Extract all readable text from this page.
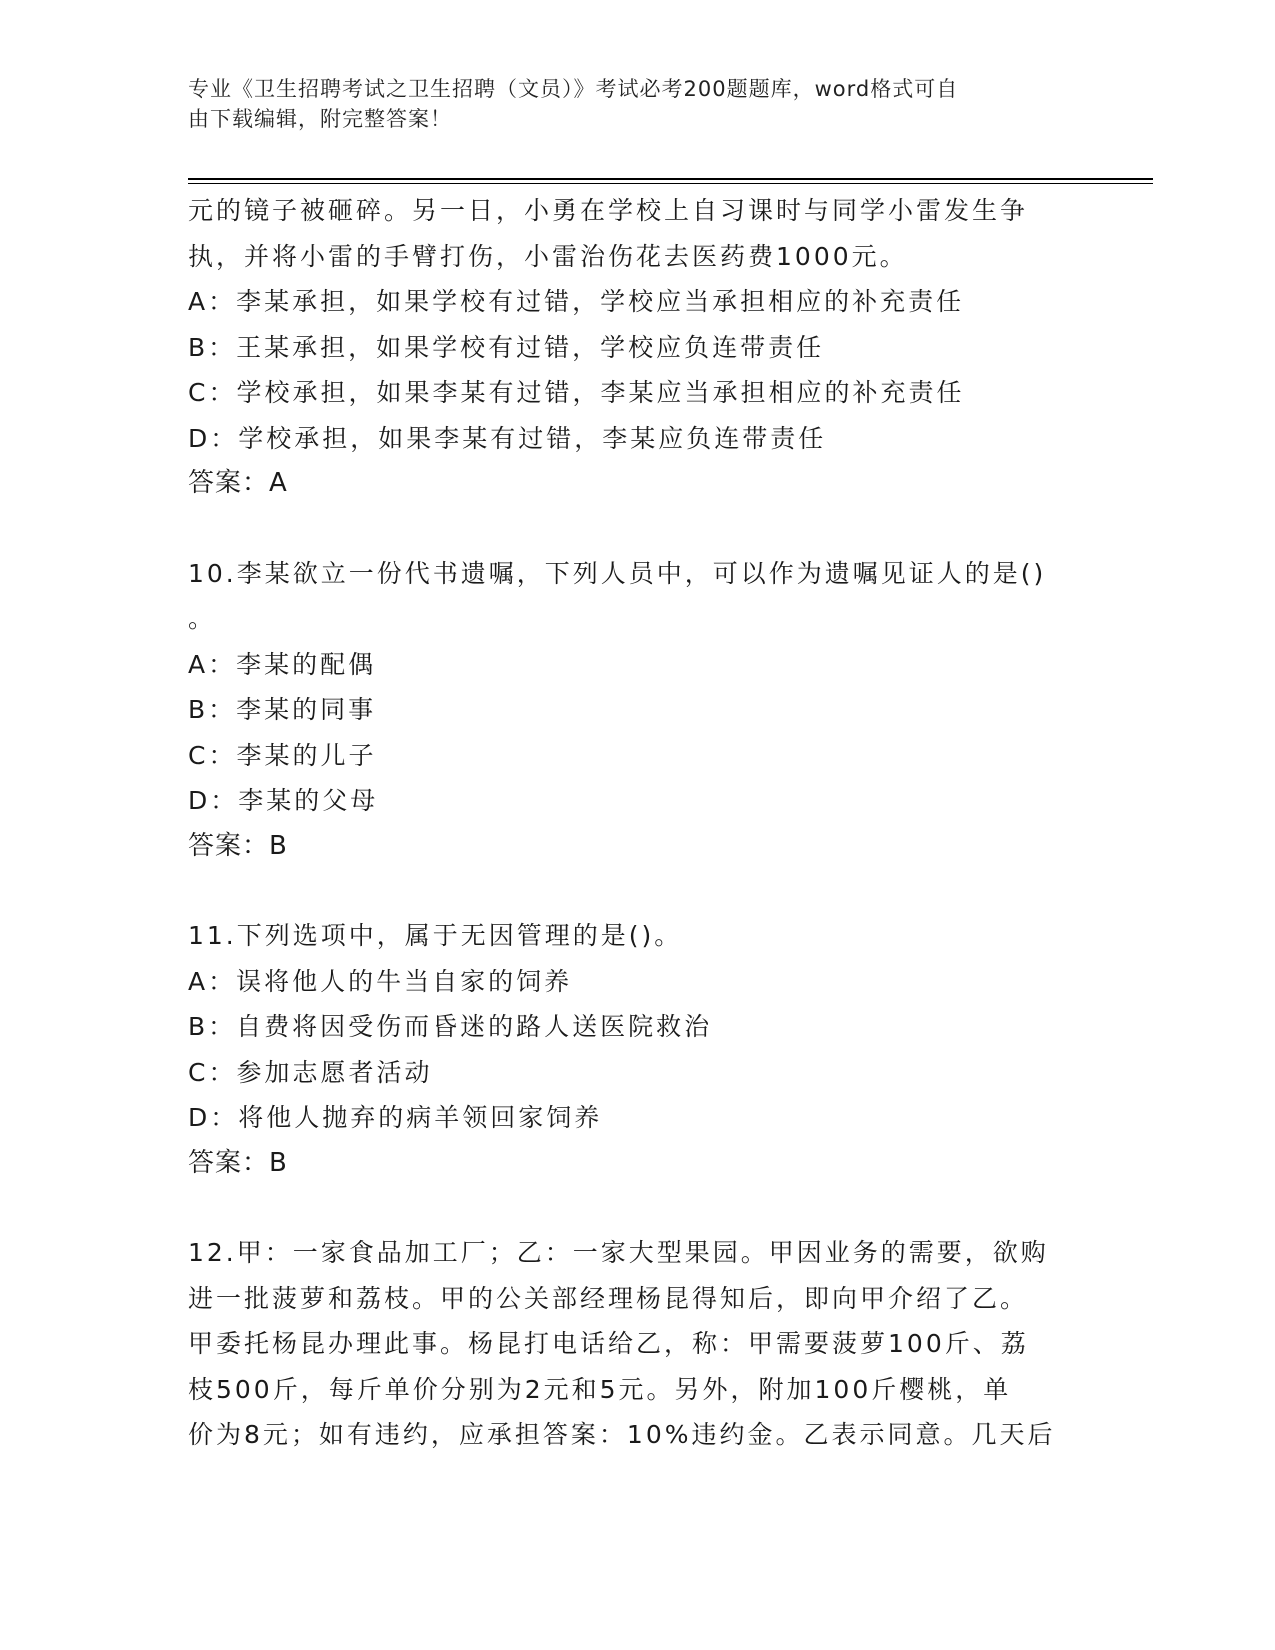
专业《卫生招聘考试之卫生招聘（文员）》考试必考200题题库，word格式可自
由下载编辑，附完整答案！
元的镜子被砸碎。另一日，小勇在学校上自习课时与同学小雷发生争
执，并将小雷的手臂打伤，小雷治伤花去医药费1000元。
A：李某承担，如果学校有过错，学校应当承担相应的补充责任
B：王某承担，如果学校有过错，学校应负连带责任
C：学校承担，如果李某有过错，李某应当承担相应的补充责任
D：学校承担，如果李某有过错，李某应负连带责任
答案：A
10.李某欲立一份代书遗嘱，下列人员中，可以作为遗嘱见证人的是()
。
A：李某的配偶
B：李某的同事
C：李某的儿子
D：李某的父母
答案：B
11.下列选项中，属于无因管理的是()。
A：误将他人的牛当自家的饲养
B：自费将因受伤而昏迷的路人送医院救治
C：参加志愿者活动
D：将他人抛弃的病羊领回家饲养
答案：B
12.甲：一家食品加工厂；乙：一家大型果园。甲因业务的需要，欲购
进一批菠萝和荔枝。甲的公关部经理杨昆得知后，即向甲介绍了乙。
甲委托杨昆办理此事。杨昆打电话给乙，称：甲需要菠萝100斤、荔
枝500斤，每斤单价分别为2元和5元。另外，附加100斤樱桃，单
价为8元；如有违约，应承担答案：10%违约金。乙表示同意。几天后
